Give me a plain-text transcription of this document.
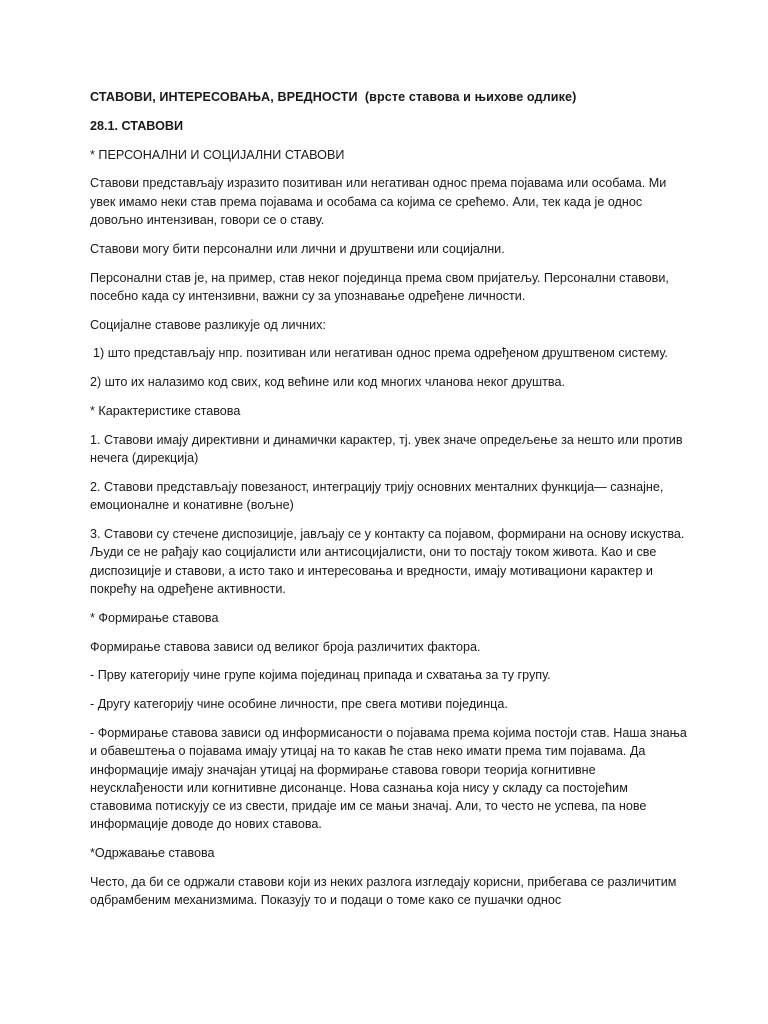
СТАВОВИ, ИНТЕРЕСОВАЊА, ВРЕДНОСТИ (врсте ставова и њихове одлике)

28.1. СТАВОВИ

* ПЕРСОНАЛНИ И СОЦИЈАЛНИ СТАВОВИ

Ставови представљају изразито позитиван или негативан однос према појавама или особама. Ми увек имамо неки став према појавама и особама са којима се срећемо. Али, тек када је однос довољно интензиван, говори се о ставу.

Ставови могу бити персонални или лични и друштвени или социјални.

Персонални став је, на пример, став неког појединца према свом пријатељу. Персонални ставови, посебно када су интензивни, важни су за упознавање одређене личности.

Социјалне ставове разликује од личних:

1) што представљају нпр. позитиван или негативан однос према одређеном друштвеном систему.

2) што их налазимо код свих, код већине или код многих чланова неког друштва.

* Карактеристике ставова

1. Ставови имају директивни и динамички карактер, тј. увек значе опредељење за нешто или против нечега (дирекција)

2. Ставови представљају повезаност, интеграцију трију основних менталних функција— сазнајне, емоционалне и конативне (вољне)

3. Ставови су стечене диспозиције, јављају се у контакту са појавом, формирани на основу искуства. Људи се не рађају као социјалисти или антисоцијалисти, они то постају током живота. Као и све диспозиције и ставови, а исто тако и интересовања и вредности, имају мотивациони карактер и покрећу на одређене активности.

* Формирање ставова

Формирање ставова зависи од великог броја различитих фактора.

- Прву категорију чине групе којима појединац припада и схватања за ту групу.

- Другу категорију чине особине личности, пре свега мотиви појединца.

- Формирање ставова зависи од информисаности о појавама према којима постоји став. Наша знања и обавештења о појавама имају утицај на то какав ће став неко имати према тим појавама. Да информације имају значајан утицај на формирање ставова говори теорија когнитивне неусклађености или когнитивне дисонанце. Нова сазнања која нису у складу са постојећим ставовима потискују се из свести, придаје им се мањи значај. Али, то често не успева, па нове информације доводе до нових ставова.

*Одржавање ставова

Често, да би се одржали ставови који из неких разлога изгледају корисни, прибегава се различитим одбрамбеним механизмима. Показују то и подаци о томе како се пушачки однос
